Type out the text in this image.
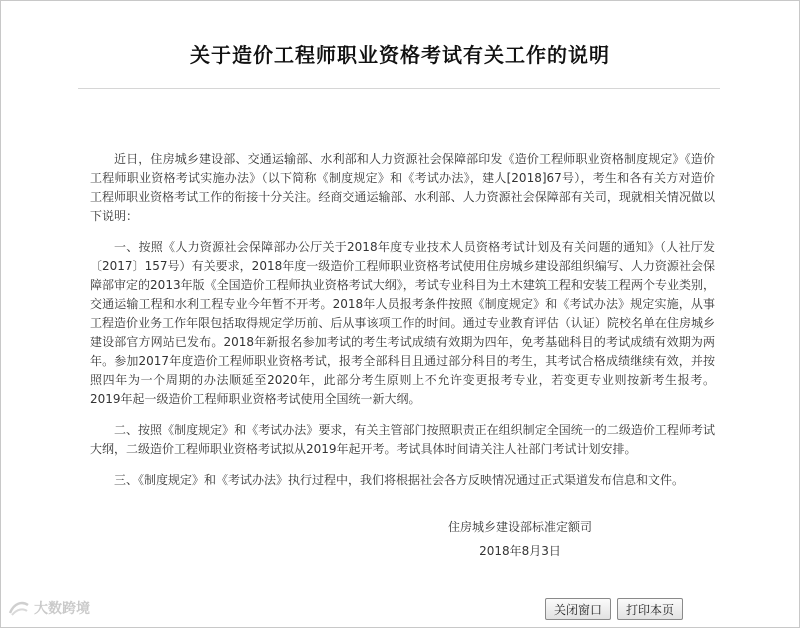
关于造价工程师职业资格考试有关工作的说明

近日，住房城乡建设部、交通运输部、水利部和人力资源社会保障部印发《造价工程师职业资格制度规定》《造价工程师职业资格考试实施办法》（以下简称《制度规定》和《考试办法》，建人[2018]67号），考生和各有关方对造价工程师职业资格考试工作的衔接十分关注。经商交通运输部、水利部、人力资源社会保障部有关司，现就相关情况做以下说明：

一、按照《人力资源社会保障部办公厅关于2018年度专业技术人员资格考试计划及有关问题的通知》（人社厅发〔2017〕157号）有关要求，2018年度一级造价工程师职业资格考试使用住房城乡建设部组织编写、人力资源社会保障部审定的2013年版《全国造价工程师执业资格考试大纲》，考试专业科目为土木建筑工程和安装工程两个专业类别，交通运输工程和水利工程专业今年暂不开考。2018年人员报考条件按照《制度规定》和《考试办法》规定实施，从事工程造价业务工作年限包括取得规定学历前、后从事该项工作的时间。通过专业教育评估（认证）院校名单在住房城乡建设部官方网站已发布。2018年新报名参加考试的考生考试成绩有效期为四年，免考基础科目的考试成绩有效期为两年。参加2017年度造价工程师职业资格考试，报考全部科目且通过部分科目的考生，其考试合格成绩继续有效，并按照四年为一个周期的办法顺延至2020年，此部分考生原则上不允许变更报考专业，若变更专业则按新考生报考。2019年起一级造价工程师职业资格考试使用全国统一新大纲。

二、按照《制度规定》和《考试办法》要求，有关主管部门按照职责正在组织制定全国统一的二级造价工程师考试大纲，二级造价工程师职业资格考试拟从2019年起开考。考试具体时间请关注人社部门考试计划安排。

三、《制度规定》和《考试办法》执行过程中，我们将根据社会各方反映情况通过正式渠道发布信息和文件。

住房城乡建设部标准定额司
2018年8月3日
大数跨境	关闭窗口	打印本页
